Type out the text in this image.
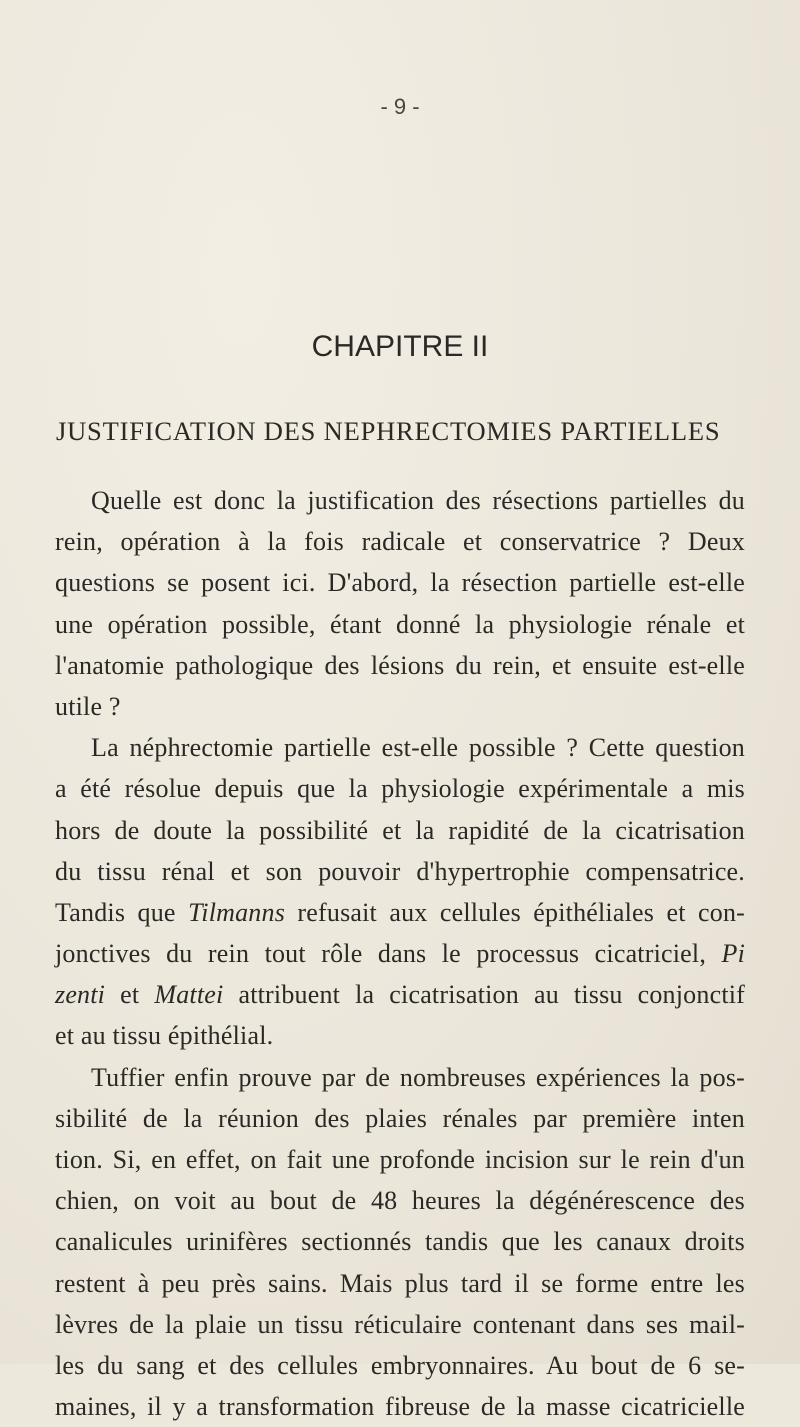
- 9 -
CHAPITRE II
JUSTIFICATION DES NEPHRECTOMIES PARTIELLES
Quelle est donc la justification des résections partielles du
rein, opération à la fois radicale et conservatrice ? Deux
questions se posent ici. D'abord, la résection partielle est-elle
une opération possible, étant donné la physiologie rénale et
l'anatomie pathologique des lésions du rein, et ensuite est-elle
utile ?
La néphrectomie partielle est-elle possible ? Cette question
a été résolue depuis que la physiologie expérimentale a mis
hors de doute la possibilité et la rapidité de la cicatrisation
du tissu rénal et son pouvoir d'hypertrophie compensatrice.
Tandis que Tilmanns refusait aux cellules épithéliales et con-
jonctives du rein tout rôle dans le processus cicatriciel, Pi
zenti et Mattei attribuent la cicatrisation au tissu conjonctif
et au tissu épithélial.
Tuffier enfin prouve par de nombreuses expériences la pos-
sibilité de la réunion des plaies rénales par première inten
tion. Si, en effet, on fait une profonde incision sur le rein d'un
chien, on voit au bout de 48 heures la dégénérescence des
canalicules urinifères sectionnés tandis que les canaux droits
restent à peu près sains. Mais plus tard il se forme entre les
lèvres de la plaie un tissu réticulaire contenant dans ses mail-
les du sang et des cellules embryonnaires. Au bout de 6 se-
maines, il y a transformation fibreuse de la masse cicatricielle
